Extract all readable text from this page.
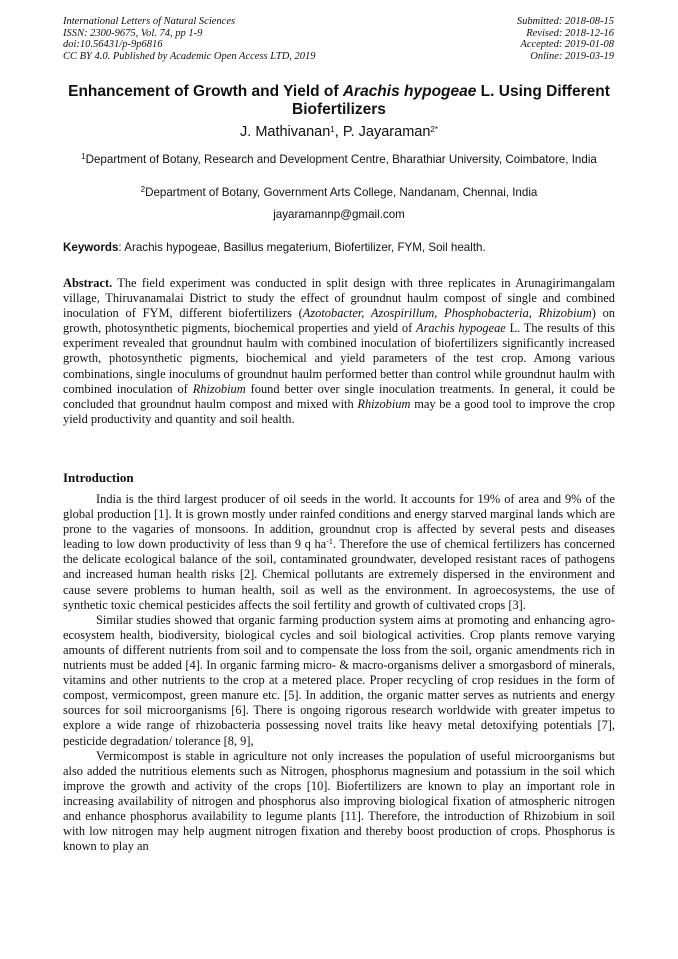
International Letters of Natural Sciences
ISSN: 2300-9675, Vol. 74, pp 1-9
doi:10.56431/p-9p6816
CC BY 4.0. Published by Academic Open Access LTD, 2019
Submitted: 2018-08-15
Revised: 2018-12-16
Accepted: 2019-01-08
Online: 2019-03-19
Enhancement of Growth and Yield of Arachis hypogeae L. Using Different Biofertilizers
J. Mathivanan$^1$, P. Jayaraman$^{2*}$
$^1$Department of Botany, Research and Development Centre, Bharathiar University, Coimbatore, India
$^2$Department of Botany, Government Arts College, Nandanam, Chennai, India
jayaramannp@gmail.com
Keywords: Arachis hypogeae, Basillus megaterium, Biofertilizer, FYM, Soil health.
Abstract. The field experiment was conducted in split design with three replicates in Arunagirimangalam village, Thiruvanamalai District to study the effect of groundnut haulm compost of single and combined inoculation of FYM, different biofertilizers (Azotobacter, Azospirillum, Phosphobacteria, Rhizobium) on growth, photosynthetic pigments, biochemical properties and yield of Arachis hypogeae L. The results of this experiment revealed that groundnut haulm with combined inoculation of biofertilizers significantly increased growth, photosynthetic pigments, biochemical and yield parameters of the test crop. Among various combinations, single inoculums of groundnut haulm performed better than control while groundnut haulm with combined inoculation of Rhizobium found better over single inoculation treatments. In general, it could be concluded that groundnut haulm compost and mixed with Rhizobium may be a good tool to improve the crop yield productivity and quantity and soil health.
Introduction

India is the third largest producer of oil seeds in the world. It accounts for 19% of area and 9% of the global production [1]. It is grown mostly under rainfed conditions and energy starved marginal lands which are prone to the vagaries of monsoons. In addition, groundnut crop is affected by several pests and diseases leading to low down productivity of less than 9 q $ha^{-1}$. Therefore the use of chemical fertilizers has concerned the delicate ecological balance of the soil, contaminated groundwater, developed resistant races of pathogens and increased human health risks [2]. Chemical pollutants are extremely dispersed in the environment and cause severe problems to human health, soil as well as the environment. In agroecosystems, the use of synthetic toxic chemical pesticides affects the soil fertility and growth of cultivated crops [3].

Similar studies showed that organic farming production system aims at promoting and enhancing agro-ecosystem health, biodiversity, biological cycles and soil biological activities. Crop plants remove varying amounts of different nutrients from soil and to compensate the loss from the soil, organic amendments rich in nutrients must be added [4]. In organic farming micro- & macro-organisms deliver a smorgasbord of minerals, vitamins and other nutrients to the crop at a metered place. Proper recycling of crop residues in the form of compost, vermicompost, green manure etc. [5]. In addition, the organic matter serves as nutrients and energy sources for soil microorganisms [6]. There is ongoing rigorous research worldwide with greater impetus to explore a wide range of rhizobacteria possessing novel traits like heavy metal detoxifying potentials [7], pesticide degradation/ tolerance [8, 9],

Vermicompost is stable in agriculture not only increases the population of useful microorganisms but also added the nutritious elements such as Nitrogen, phosphorus magnesium and potassium in the soil which improve the growth and activity of the crops [10]. Biofertilizers are known to play an important role in increasing availability of nitrogen and phosphorus also improving biological fixation of atmospheric nitrogen and enhance phosphorus availability to legume plants [11]. Therefore, the introduction of Rhizobium in soil with low nitrogen may help augment nitrogen fixation and thereby boost production of crops. Phosphorus is known to play an
